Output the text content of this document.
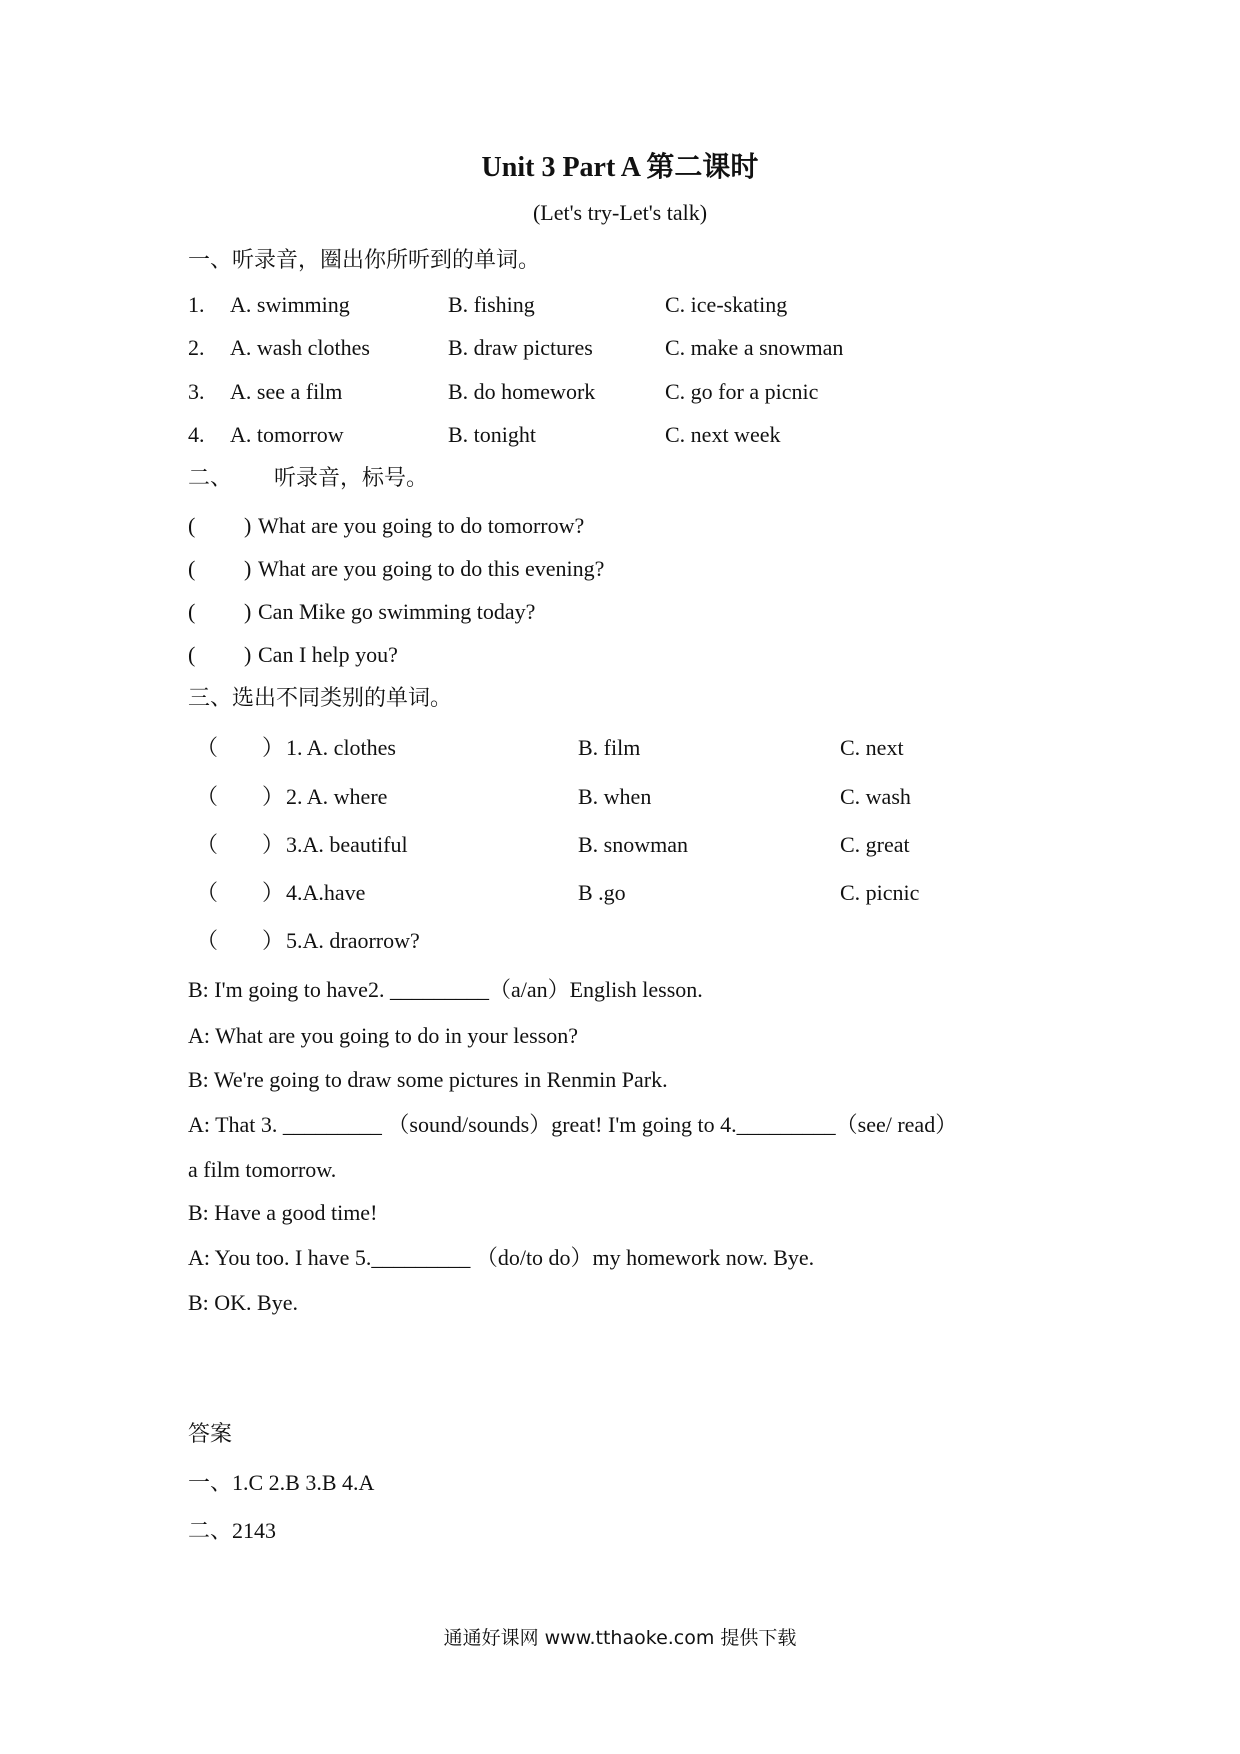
Unit 3 Part A 第二课时
(Let's try-Let's talk)
一、听录音，圈出你所听到的单词。
1. A. swimming	B. fishing	C. ice-skating
2. A. wash clothes	B. draw pictures	C. make a snowman
3. A. see a film	B. do homework	C. go for a picnic
4. A. tomorrow	B. tonight	C. next week
二、 听录音，标号。
( ) What are you going to do tomorrow?
( ) What are you going to do this evening?
( ) Can Mike go swimming today?
( ) Can I help you?
三、选出不同类别的单词。
（ ） 1. A. clothes	B. film	C. next
（ ） 2. A. where	B. when	C. wash
（ ） 3.A. beautiful	B. snowman	C. great
（ ） 4.A.have	B .go	C. picnic
（ ） 5.A. draorrow?
B: I'm going to have2. _________（a/an）English lesson.
A: What are you going to do in your lesson?
B: We're going to draw some pictures in Renmin Park.
A: That 3. _________ （sound/sounds）great! I'm going to 4._________（see/ read）
a film tomorrow.
B: Have a good time!
A: You too. I have 5._________ （do/to do）my homework now. Bye.
B: OK. Bye.
答案
一、1.C 2.B 3.B 4.A
二、2143
通通好课网 www.tthaoke.com 提供下载
